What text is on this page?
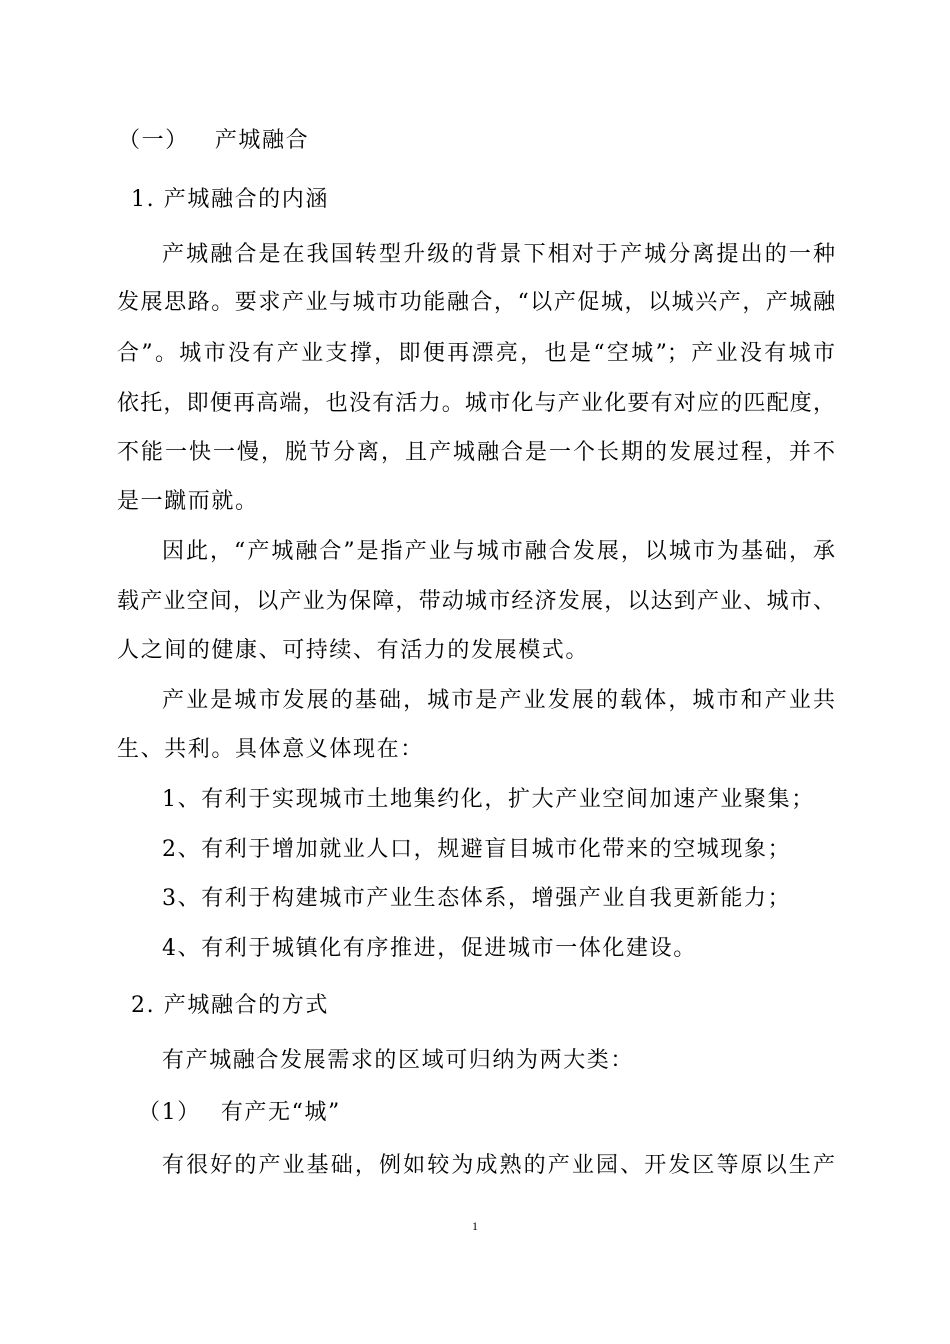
（一） 产城融合
1. 产城融合的内涵
产城融合是在我国转型升级的背景下相对于产城分离提出的一种
发展思路。要求产业与城市功能融合，“以产促城，以城兴产，产城融
合”。城市没有产业支撑，即便再漂亮，也是“空城”；产业没有城市
依托，即便再高端，也没有活力。城市化与产业化要有对应的匹配度，
不能一快一慢，脱节分离，且产城融合是一个长期的发展过程，并不
是一蹴而就。
因此，“产城融合”是指产业与城市融合发展，以城市为基础，承
载产业空间，以产业为保障，带动城市经济发展，以达到产业、城市、
人之间的健康、可持续、有活力的发展模式。
产业是城市发展的基础，城市是产业发展的载体，城市和产业共
生、共利。具体意义体现在：
1、有利于实现城市土地集约化，扩大产业空间加速产业聚集；
2、有利于增加就业人口，规避盲目城市化带来的空城现象；
3、有利于构建城市产业生态体系，增强产业自我更新能力；
4、有利于城镇化有序推进，促进城市一体化建设。
2. 产城融合的方式
有产城融合发展需求的区域可归纳为两大类：
（1） 有产无“城”
有很好的产业基础，例如较为成熟的产业园、开发区等原以生产
1
